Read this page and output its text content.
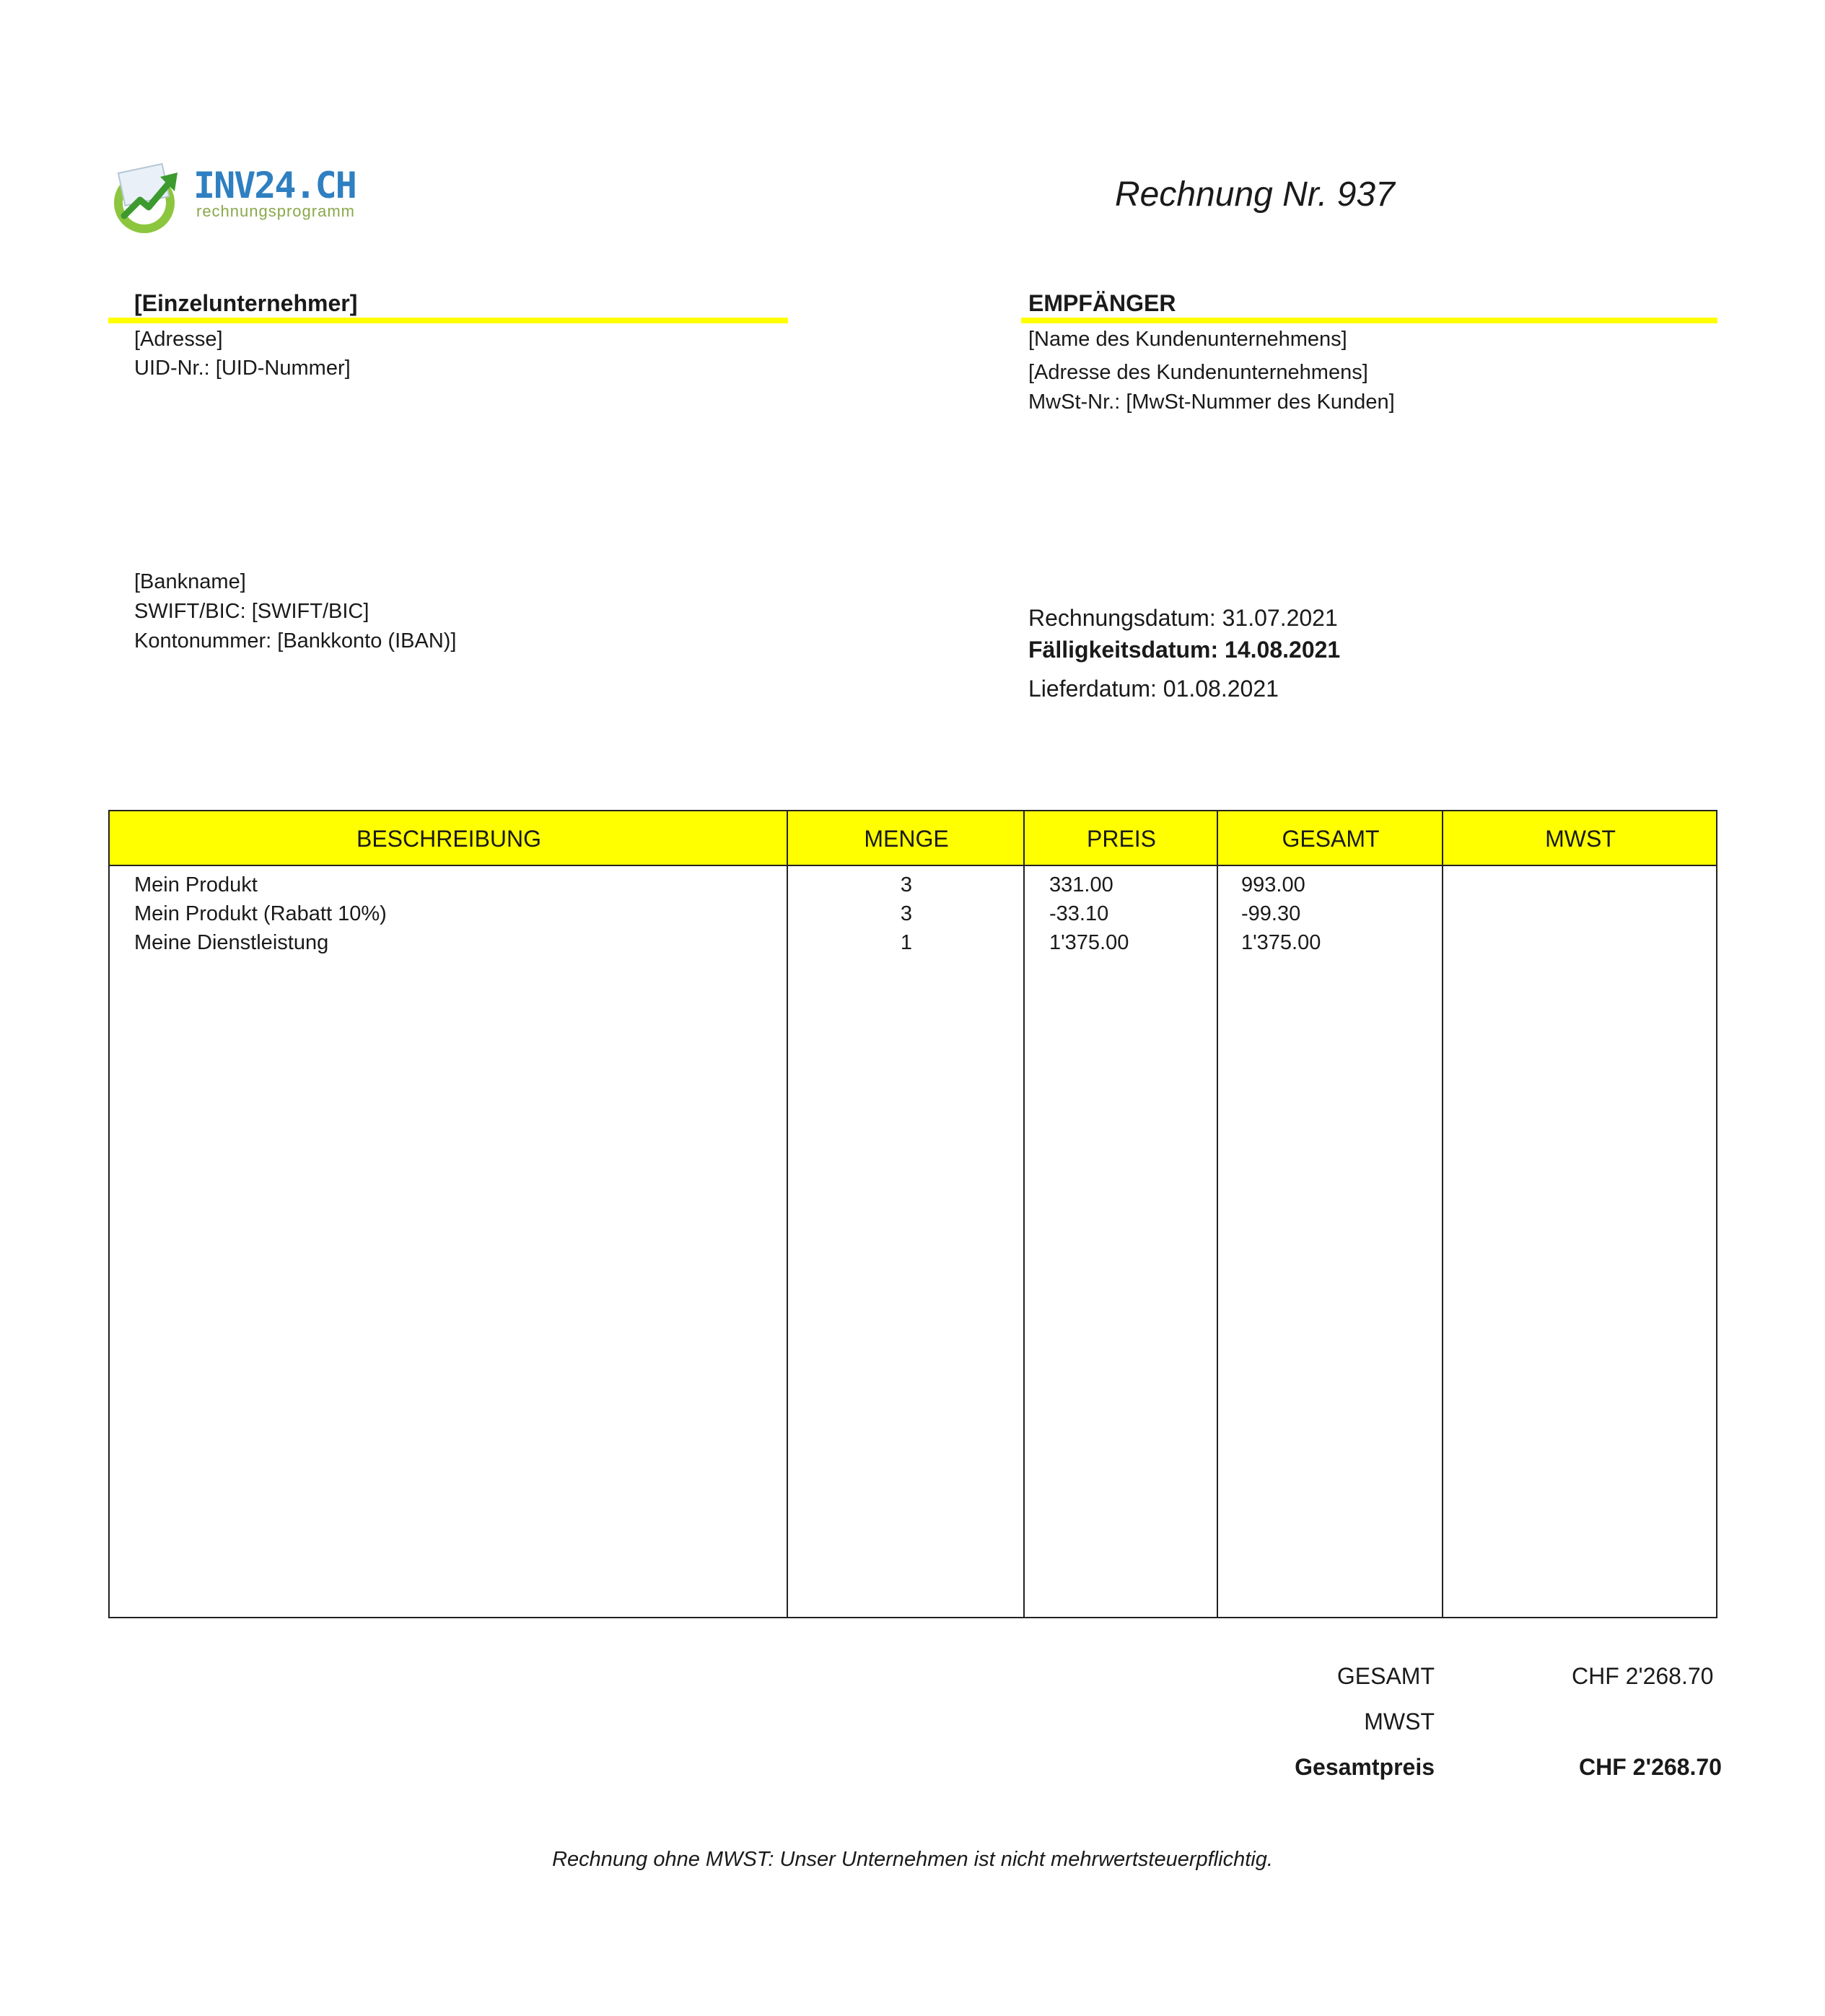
INV24.CH
rechnungsprogramm	Rechnung Nr. 937
[Einzelunternehmer]
[Adresse]
UID-Nr.: [UID-Nummer]
EMPFÄNGER
[Name des Kundenunternehmens]
[Adresse des Kundenunternehmens]
MwSt-Nr.: [MwSt-Nummer des Kunden]
[Bankname]
SWIFT/BIC: [SWIFT/BIC]
Kontonummer: [Bankkonto (IBAN)]
Rechnungsdatum: 31.07.2021
Fälligkeitsdatum: 14.08.2021
Lieferdatum: 01.08.2021
BESCHREIBUNG	MENGE	PREIS	GESAMT	MWST
Mein Produkt	3	331.00	993.00
Mein Produkt (Rabatt 10%)	3	-33.10	-99.30
Meine Dienstleistung	1	1'375.00	1'375.00
GESAMT	CHF 2'268.70
MWST
Gesamtpreis	CHF 2'268.70
Rechnung ohne MWST: Unser Unternehmen ist nicht mehrwertsteuerpflichtig.
